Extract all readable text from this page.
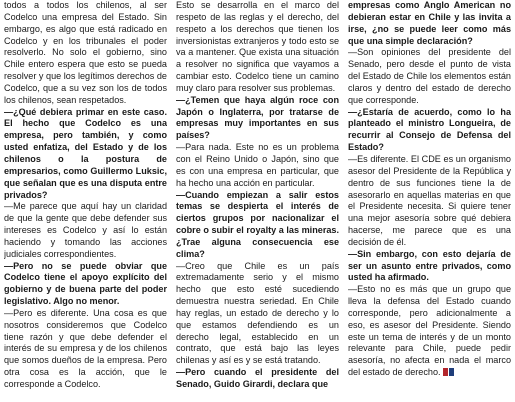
todos a todos los chilenos, al ser Codelco una empresa del Estado. Sin embargo, es algo que está radicado en Codelco y en los tribunales el poder resolverlo. No solo el gobierno, sino Chile entero espera que esto se pueda resolver y que los legítimos derechos de Codelco, que a su vez son los de todos los chilenos, sean respetados.

—¿Qué debiera primar en este caso. El hecho que Codelco es una empresa, pero también, y como usted enfatiza, del Estado y de los chilenos o la postura de empresarios, como Guillermo Luksic, que señalan que es una disputa entre privados?

—Me parece que aquí hay un claridad de que la gente que debe defender sus intereses es Codelco y así lo están haciendo y tomando las acciones judiciales correspondientes.

—Pero no se puede obviar que Codelco tiene el apoyo explícito del gobierno y de buena parte del poder legislativo. Algo no menor.

—Pero es diferente. Una cosa es que nosotros consideremos que Codelco tiene razón y que debe defender el interés de su empresa y de los chilenos que somos dueños de la empresa. Pero otra cosa es la acción, que le corresponde a Codelco.

Esto se desarrolla en el marco del respeto de las reglas y el derecho, del respeto a los derechos que tienen los inversionistas extranjeros y todo esto se va a mantener. Que exista una situación a resolver no significa que vayamos a cambiar esto. Codelco tiene un camino muy claro para resolver sus problemas.

—¿Temen que haya algún roce con Japón o Inglaterra, por tratarse de empresas muy importantes en sus países?

—Para nada. Este no es un problema con el Reino Unido o Japón, sino que es con una empresa en particular, que ha hecho una acción en particular.

—Cuando empiezan a salir estos temas se despierta el interés de ciertos grupos por nacionalizar el cobre o subir el royalty a las mineras. ¿Trae alguna consecuencia ese clima?

—Creo que Chile es un país extremadamente serio y el mismo hecho que esto esté sucediendo demuestra nuestra seriedad. En Chile hay reglas, un estado de derecho y lo que estamos defendiendo es un derecho legal, establecido en un contrato, que está bajo las leyes chilenas y así es y se está tratando.

—Pero cuando el presidente del Senado, Guido Girardi, declara que

empresas como Anglo American no debieran estar en Chile y las invita a irse, ¿no se puede leer como más que una simple declaración?

—Son opiniones del presidente del Senado, pero desde el punto de vista del Estado de Chile los elementos están claros y dentro del estado de derecho que corresponde.

—¿Estaría de acuerdo, como lo ha planteado el ministro Longueira, de recurrir al Consejo de Defensa del Estado?

—Es diferente. El CDE es un organismo asesor del Presidente de la República y dentro de sus funciones tiene la de asesorarlo en aquellas materias en que el Presidente necesita. Si quiere tener una mejor asesoría sobre qué debiera hacerse, me parece que es una decisión de él.

—Sin embargo, con esto dejaría de ser un asunto entre privados, como usted ha afirmado.

—Esto no es más que un grupo que lleva la defensa del Estado cuando corresponde, pero adicionalmente a eso, es asesor del Presidente. Siendo este un tema de interés y de un monto relevante para Chile, puede pedir asesoría, no afecta en nada el marco del estado de derecho.
